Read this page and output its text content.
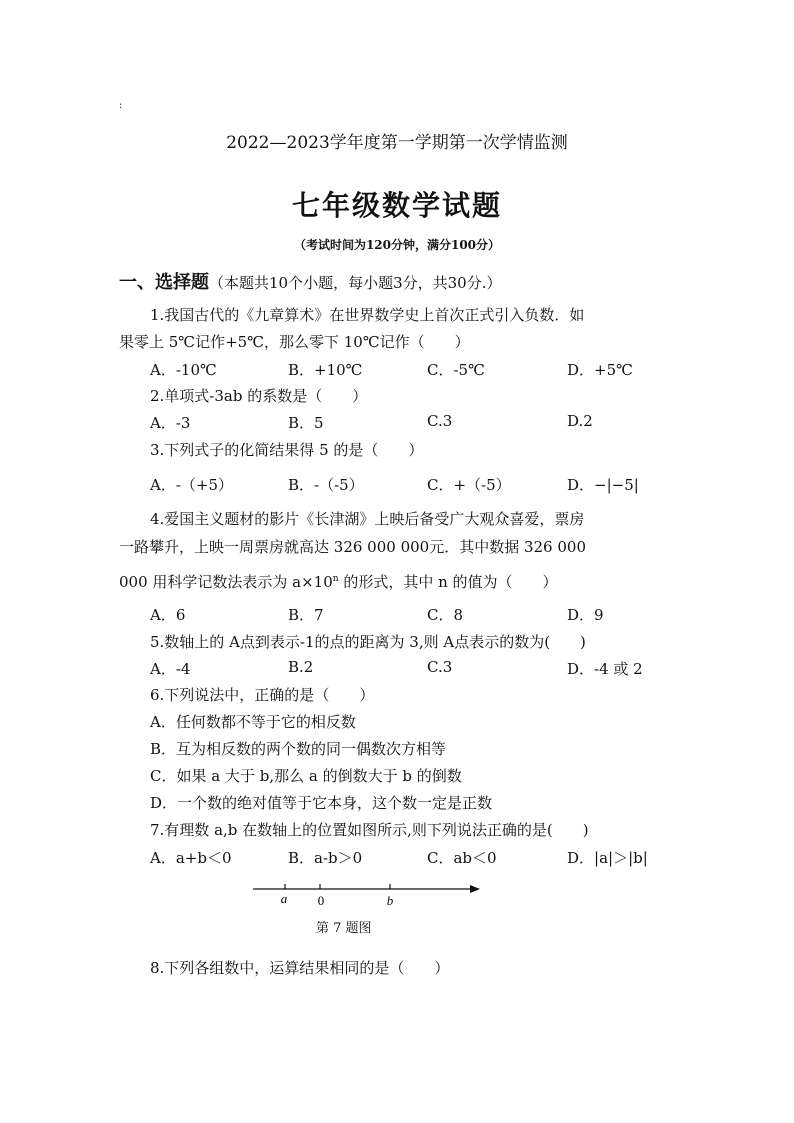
:
2022—2023学年度第一学期第一次学情监测
七年级数学试题
（考试时间为120分钟，满分100分）
一、选择题（本题共10个小题，每小题3分，共30分.）
1.我国古代的《九章算术》在世界数学史上首次正式引入负数．如
果零上 5℃记作+5℃，那么零下 10℃记作（　　）
A．-10℃	B．+10℃	C．-5℃	D．+5℃
2.单项式-3ab 的系数是（　　）
A．-3	B．5	C.3	D.2
3.下列式子的化简结果得 5 的是（　　）
A．-（+5）	B．-（-5）	C．+（-5）	D．−|−5|
4.爱国主义题材的影片《长津湖》上映后备受广大观众喜爱，票房
一路攀升，上映一周票房就高达 326 000 000元．其中数据 326 000
000 用科学记数法表示为 $a\times 10^n$ 的形式，其中 n 的值为（　　）
A．6	B．7	C．8	D．9
5.数轴上的 A点到表示-1的点的距离为 3,则 A点表示的数为(　　)
A．-4	B.2	C.3	D．-4 或 2
6.下列说法中，正确的是（　　）
A．任何数都不等于它的相反数
B．互为相反数的两个数的同一偶数次方相等
C．如果 a 大于 b,那么 a 的倒数大于 b 的倒数
D．一个数的绝对值等于它本身，这个数一定是正数
7.有理数 a,b 在数轴上的位置如图所示,则下列说法正确的是(　　)
A．a+b＜0	B．a-b＞0	C．ab＜0	D．|a|＞|b|
a 0	b
第 7 题图
8.下列各组数中，运算结果相同的是（　　）
